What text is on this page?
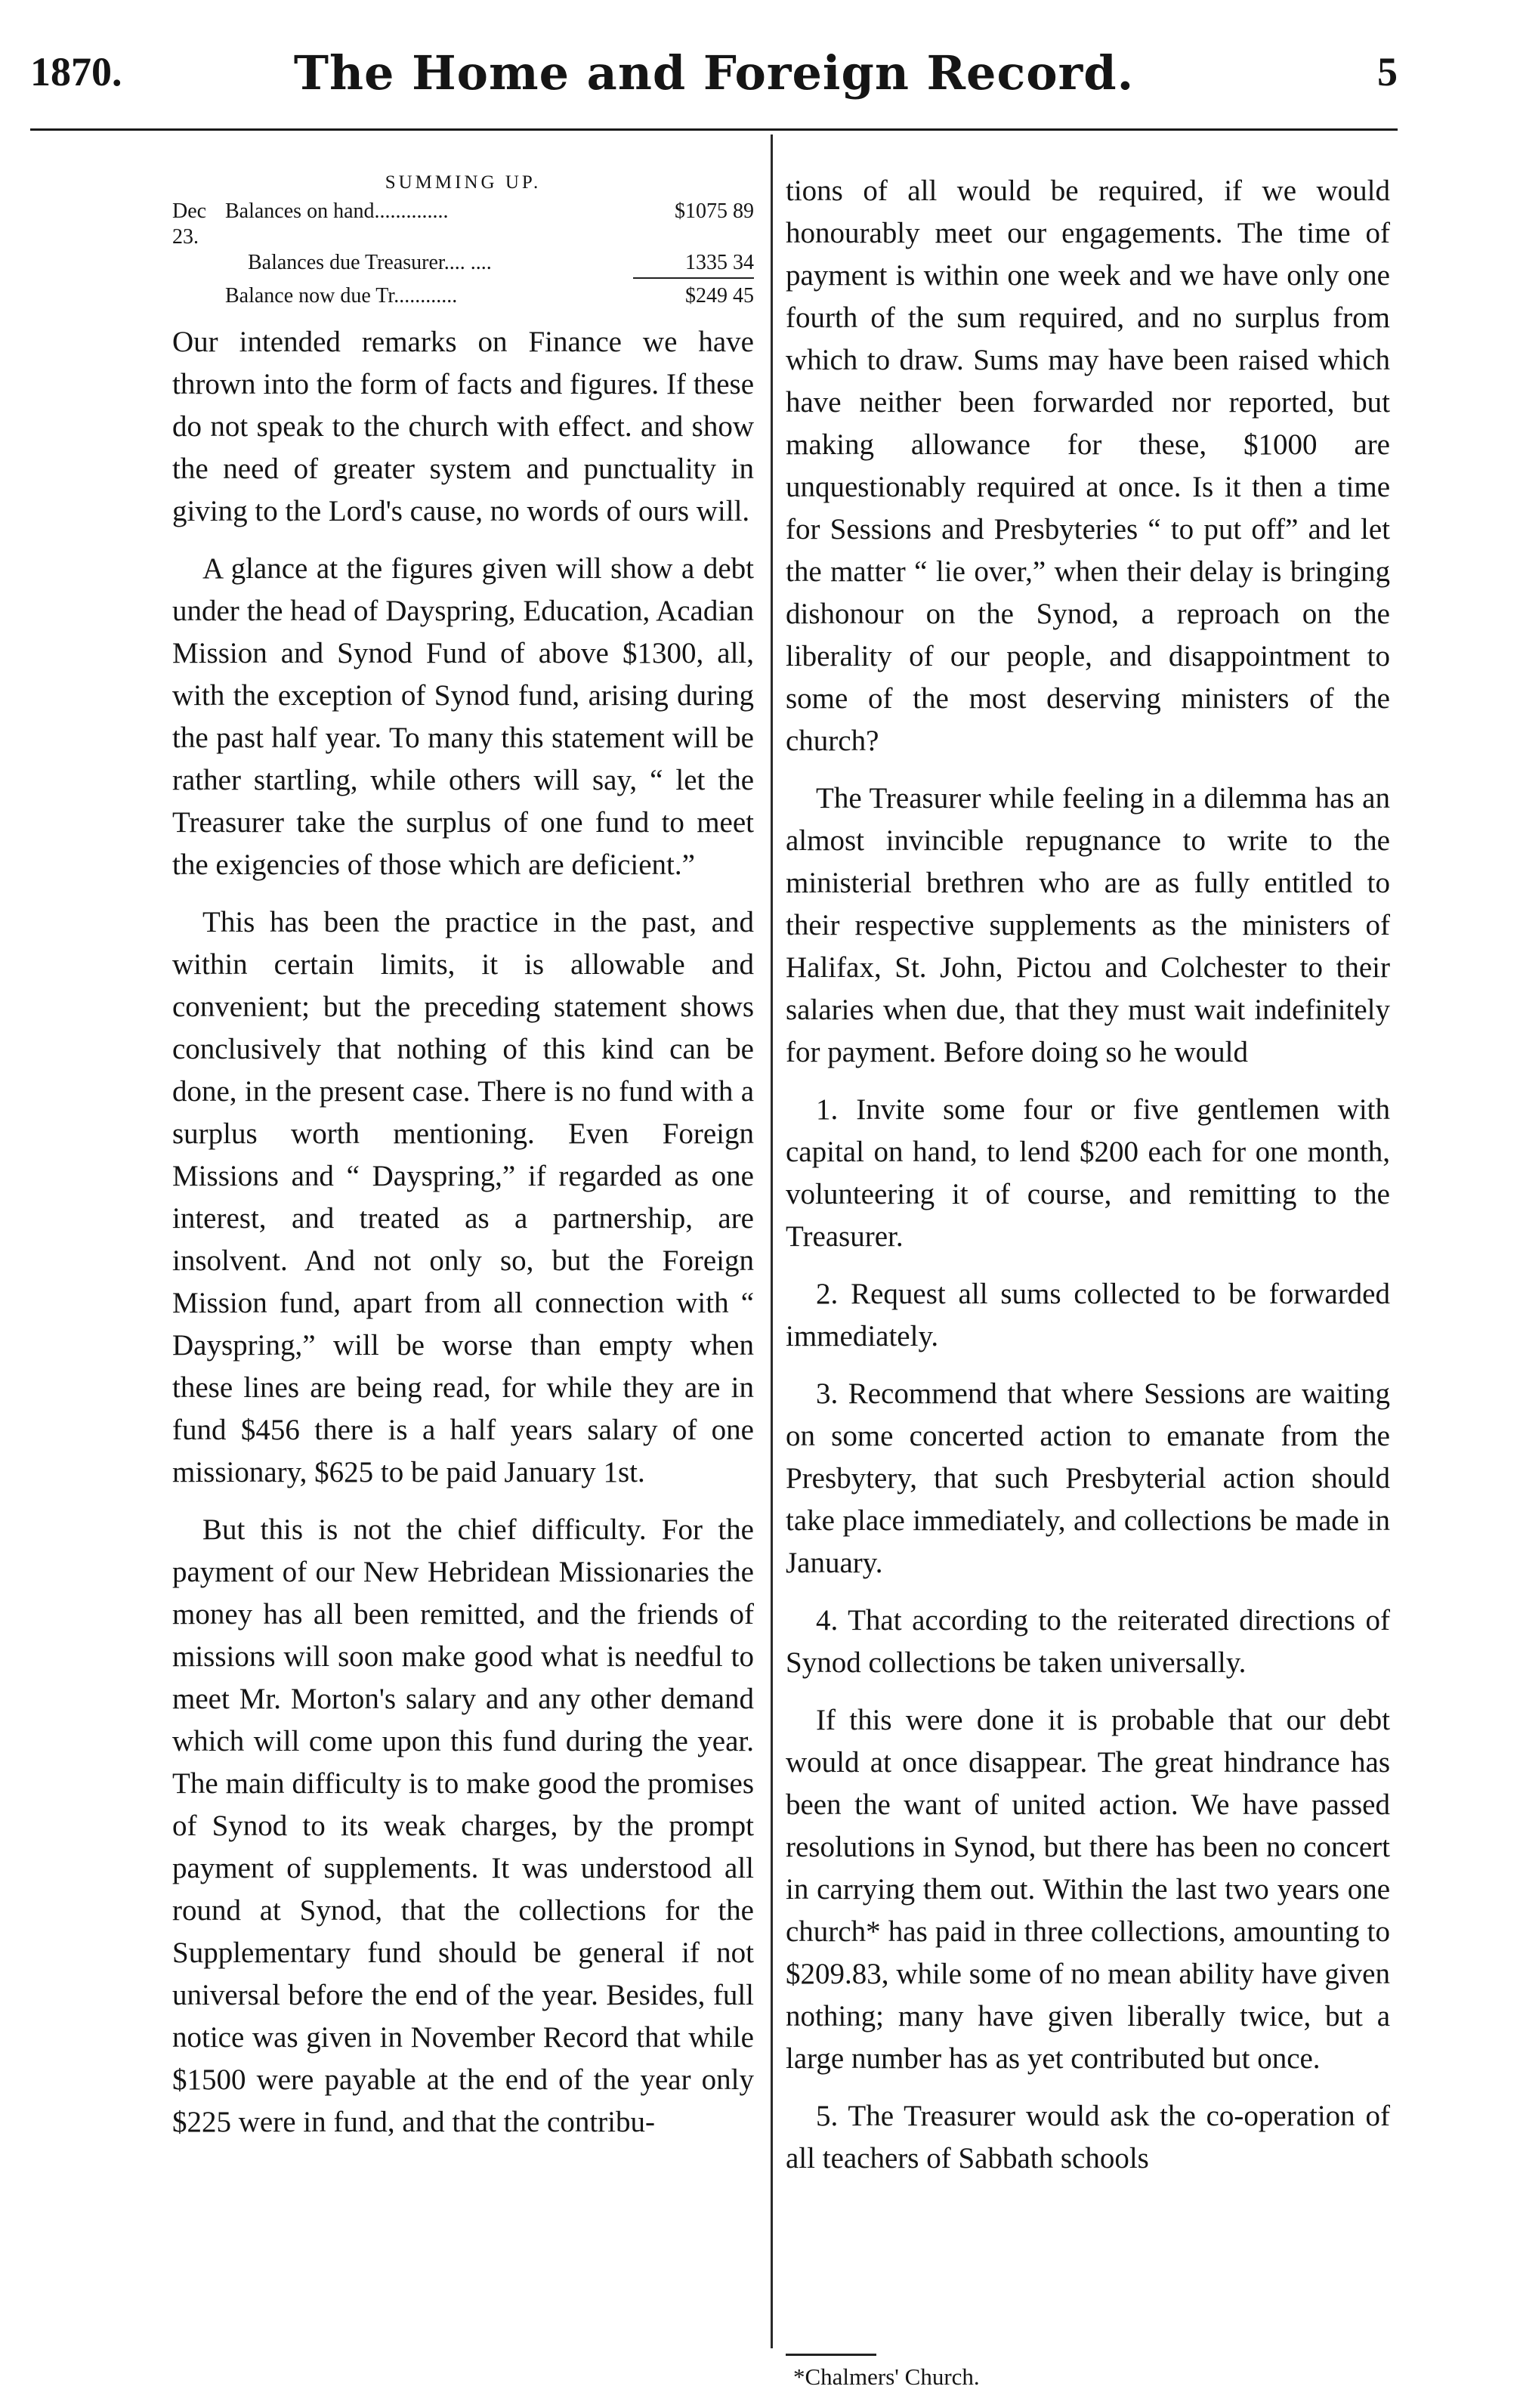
1870.	The Home and Foreign Record.	5
SUMMING UP.
Dec 23.
Balances on hand..............	$1075 89
Balances due Treasurer.... ....	1335 34
Balance now due Tr............	$249 45

Our intended remarks on Finance we have thrown into the form of facts and figures. If these do not speak to the church with effect. and show the need of greater system and punctuality in giving to the Lord's cause, no words of ours will.

A glance at the figures given will show a debt under the head of Dayspring, Education, Acadian Mission and Synod Fund of above $1300, all, with the exception of Synod fund, arising during the past half year. To many this statement will be rather startling, while others will say, “ let the Treasurer take the surplus of one fund to meet the exigencies of those which are deficient.”

This has been the practice in the past, and within certain limits, it is allowable and convenient; but the preceding statement shows conclusively that nothing of this kind can be done, in the present case. There is no fund with a surplus worth mentioning. Even Foreign Missions and “ Dayspring,” if regarded as one interest, and treated as a partnership, are insolvent. And not only so, but the Foreign Mission fund, apart from all connection with “ Dayspring,” will be worse than empty when these lines are being read, for while they are in fund $456 there is a half years salary of one missionary, $625 to be paid January 1st.

But this is not the chief difficulty. For the payment of our New Hebridean Missionaries the money has all been remitted, and the friends of missions will soon make good what is needful to meet Mr. Morton's salary and any other demand which will come upon this fund during the year. The main difficulty is to make good the promises of Synod to its weak charges, by the prompt payment of supplements. It was understood all round at Synod, that the collections for the Supplementary fund should be general if not universal before the end of the year. Besides, full notice was given in November Record that while $1500 were payable at the end of the year only $225 were in fund, and that the contribu-

tions of all would be required, if we would honourably meet our engagements. The time of payment is within one week and we have only one fourth of the sum required, and no surplus from which to draw. Sums may have been raised which have neither been forwarded nor reported, but making allowance for these, $1000 are unquestionably required at once. Is it then a time for Sessions and Presbyteries “ to put off” and let the matter “ lie over,” when their delay is bringing dishonour on the Synod, a reproach on the liberality of our people, and disappointment to some of the most deserving ministers of the church?

The Treasurer while feeling in a dilemma has an almost invincible repugnance to write to the ministerial brethren who are as fully entitled to their respective supplements as the ministers of Halifax, St. John, Pictou and Colchester to their salaries when due, that they must wait indefinitely for payment. Before doing so he would

1. Invite some four or five gentlemen with capital on hand, to lend $200 each for one month, volunteering it of course, and remitting to the Treasurer.

2. Request all sums collected to be forwarded immediately.

3. Recommend that where Sessions are waiting on some concerted action to emanate from the Presbytery, that such Presbyterial action should take place immediately, and collections be made in January.

4. That according to the reiterated directions of Synod collections be taken universally.

If this were done it is probable that our debt would at once disappear. The great hindrance has been the want of united action. We have passed resolutions in Synod, but there has been no concert in carrying them out. Within the last two years one church* has paid in three collections, amounting to $209.83, while some of no mean ability have given nothing; many have given liberally twice, but a large number has as yet contributed but once.

5. The Treasurer would ask the co-operation of all teachers of Sabbath schools

*Chalmers' Church.
